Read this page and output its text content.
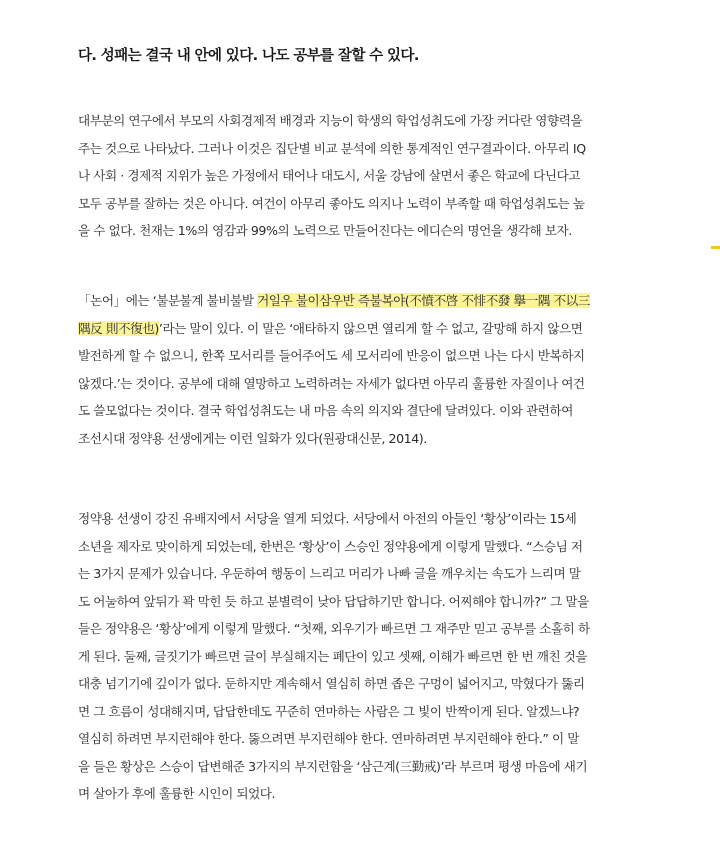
다. 성패는 결국 내 안에 있다. 나도 공부를 잘할 수 있다.
대부분의 연구에서 부모의 사회경제적 배경과 지능이 학생의 학업성취도에 가장 커다란 영향력을
주는 것으로 나타났다. 그러나 이것은 집단별 비교 분석에 의한 통계적인 연구결과이다. 아무리 IQ
나 사회 · 경제적 지위가 높은 가정에서 태어나 대도시, 서울 강남에 살면서 좋은 학교에 다닌다고
모두 공부를 잘하는 것은 아니다. 여건이 아무리 좋아도 의지나 노력이 부족할 때 학업성취도는 높
을 수 없다. 천재는 1%의 영감과 99%의 노력으로 만들어진다는 에디슨의 명언을 생각해 보자.
「논어」에는 ‘불분불계 불비불발 거일우 불이삼우반 즉불복야(不憤不啓 不悱不發 擧一隅 不以三
隅反 則不復也)’라는 말이 있다. 이 말은 ‘애타하지 않으면 열리게 할 수 없고, 갈망해 하지 않으면
발전하게 할 수 없으니, 한쪽 모서리를 들어주어도 세 모서리에 반응이 없으면 나는 다시 반복하지
않겠다.’는 것이다. 공부에 대해 열망하고 노력하려는 자세가 없다면 아무리 훌륭한 자질이나 여건
도 쓸모없다는 것이다. 결국 학업성취도는 내 마음 속의 의지와 결단에 달려있다. 이와 관련하여
조선시대 정약용 선생에게는 이런 일화가 있다(원광대신문, 2014).
정약용 선생이 강진 유배지에서 서당을 열게 되었다. 서당에서 아전의 아들인 ‘황상’이라는 15세
소년을 제자로 맞이하게 되었는데, 한번은 ‘황상’이 스승인 정약용에게 이렇게 말했다. “스승님 저
는 3가지 문제가 있습니다. 우둔하여 행동이 느리고 머리가 나빠 글을 깨우치는 속도가 느리며 말
도 어눌하여 앞뒤가 꽉 막힌 듯 하고 분별력이 낮아 답답하기만 합니다. 어찌해야 합니까?” 그 말을
들은 정약용은 ‘황상’에게 이렇게 말했다. “첫째, 외우기가 빠르면 그 재주만 믿고 공부를 소홀히 하
게 된다. 둘째, 글짓기가 빠르면 글이 부실해지는 폐단이 있고 셋째, 이해가 빠르면 한 번 깨친 것을
대충 넘기기에 깊이가 없다. 둔하지만 계속해서 열심히 하면 좁은 구멍이 넓어지고, 막혔다가 뚫리
면 그 흐름이 성대해지며, 답답한데도 꾸준히 연마하는 사람은 그 빛이 반짝이게 된다. 알겠느냐?
열심히 하려면 부지런해야 한다. 뚫으려면 부지런해야 한다. 연마하려면 부지런해야 한다.” 이 말
을 들은 황상은 스승이 답변해준 3가지의 부지런함을 ‘삼근계(三勤戒)’라 부르며 평생 마음에 새기
며 살아가 후에 훌륭한 시인이 되었다.
